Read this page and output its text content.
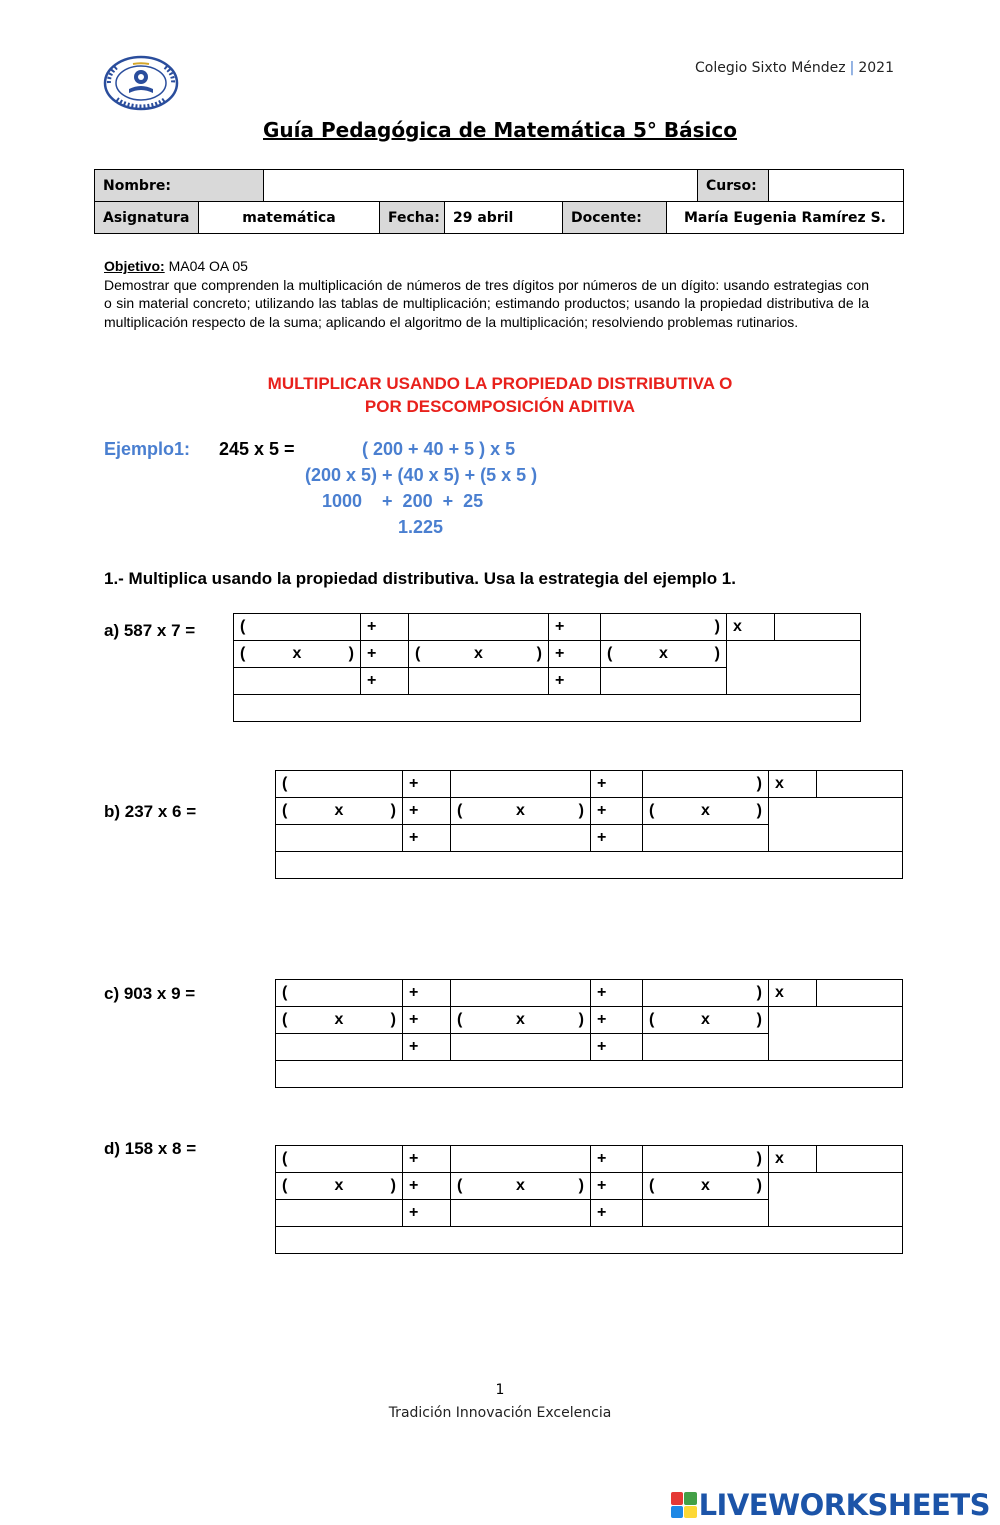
Colegio Sixto Méndez | 2021
Guía Pedagógica de Matemática 5° Básico
Nombre:		Curso:	
Asignatura	matemática	Fecha:	29 abril	Docente:	María Eugenia Ramírez S.
Objetivo: MA04 OA 05
Demostrar que comprenden la multiplicación de números de tres dígitos por números de un dígito: usando estrategias con o sin material concreto; utilizando las tablas de multiplicación; estimando productos; usando la propiedad distributiva de la multiplicación respecto de la suma; aplicando el algoritmo de la multiplicación; resolviendo problemas rutinarios.
MULTIPLICAR USANDO LA PROPIEDAD DISTRIBUTIVA O
POR DESCOMPOSICIÓN ADITIVA
Ejemplo1: 245 x 5 =	( 200 + 40 + 5 ) x 5
(200 x 5) + (40 x 5) + (5 x 5 )
1000    +  200  +  25
1.225
1.- Multiplica usando la propiedad distributiva. Usa la estrategia del ejemplo 1.
a) 587 x 7 =
b) 237 x 6 =
c) 903 x 9 =
d) 158 x 8 =
(	+		+	)	x	

( x )	+	( x )	+	( x )		

	+		+			

(	+		+	)	x	

( x )	+	( x )	+	( x )		

	+		+			

(	+		+	)	x	

( x )	+	( x )	+	( x )		

	+		+			

(	+		+	)	x	

( x )	+	( x )	+	( x )		

	+		+			

1
Tradición Innovación Excelencia
LIVEWORKSHEETS
